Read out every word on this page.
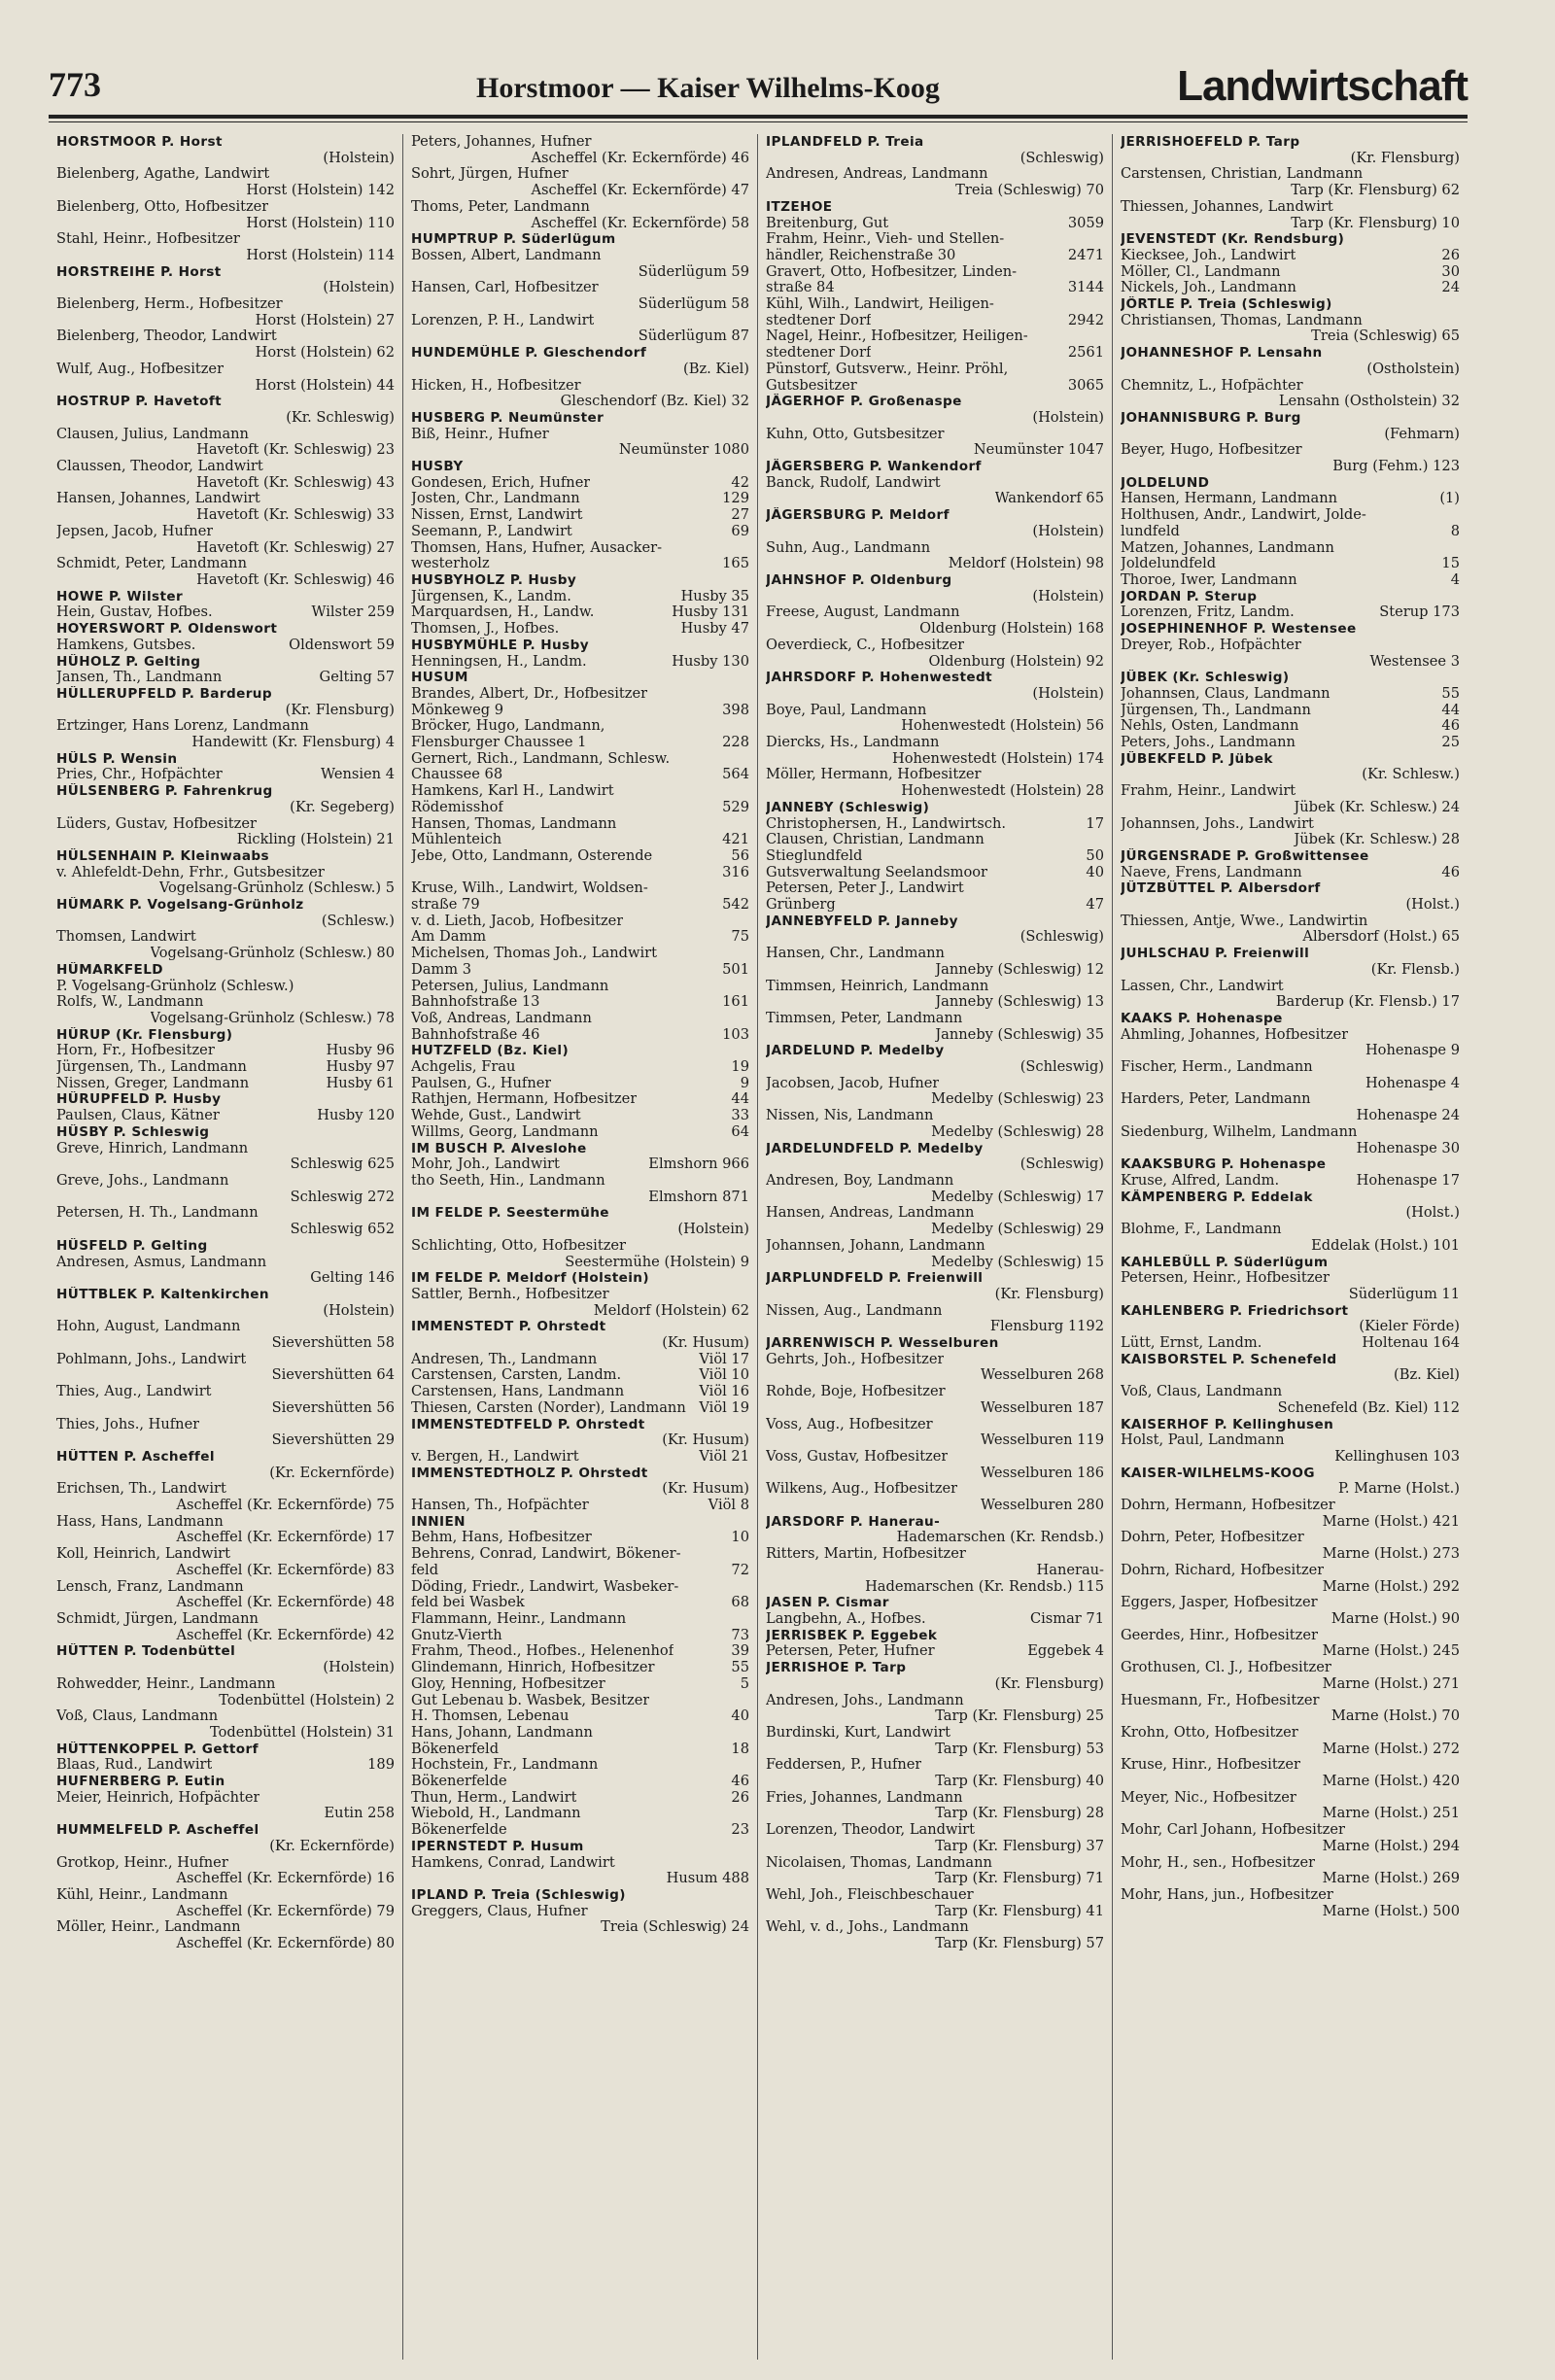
773	Horstmoor — Kaiser Wilhelms-Koog	Landwirtschaft
HORSTMOOR P. Horst
(Holstein)
Bielenberg, Agathe, Landwirt
Horst (Holstein) 142
Bielenberg, Otto, Hofbesitzer
Horst (Holstein) 110
Stahl, Heinr., Hofbesitzer
Horst (Holstein) 114
HORSTREIHE P. Horst
(Holstein)
Bielenberg, Herm., Hofbesitzer
Horst (Holstein) 27
Bielenberg, Theodor, Landwirt
Horst (Holstein) 62
Wulf, Aug., Hofbesitzer
Horst (Holstein) 44
HOSTRUP P. Havetoft
(Kr. Schleswig)
Clausen, Julius, Landmann
Havetoft (Kr. Schleswig) 23
Claussen, Theodor, Landwirt
Havetoft (Kr. Schleswig) 43
Hansen, Johannes, Landwirt
Havetoft (Kr. Schleswig) 33
Jepsen, Jacob, Hufner
Havetoft (Kr. Schleswig) 27
Schmidt, Peter, Landmann
Havetoft (Kr. Schleswig) 46
HOWE P. Wilster
Hein, Gustav, Hofbes.	Wilster 259
HOYERSWORT P. Oldenswort
Hamkens, Gutsbes.	Oldenswort 59
HÜHOLZ P. Gelting
Jansen, Th., Landmann	Gelting 57
HÜLLERUPFELD P. Barderup
(Kr. Flensburg)
Ertzinger, Hans Lorenz, Landmann
Handewitt (Kr. Flensburg) 4
HÜLS P. Wensin
Pries, Chr., Hofpächter	Wensien 4
HÜLSENBERG P. Fahrenkrug
(Kr. Segeberg)
Lüders, Gustav, Hofbesitzer
Rickling (Holstein) 21
HÜLSENHAIN P. Kleinwaabs
v. Ahlefeldt-Dehn, Frhr., Gutsbesitzer
Vogelsang-Grünholz (Schlesw.) 5
HÜMARK P. Vogelsang-Grünholz
(Schlesw.)
Thomsen, Landwirt
Vogelsang-Grünholz (Schlesw.) 80
HÜMARKFELD
P. Vogelsang-Grünholz (Schlesw.)
Rolfs, W., Landmann
Vogelsang-Grünholz (Schlesw.) 78
HÜRUP (Kr. Flensburg)
Horn, Fr., Hofbesitzer	Husby 96
Jürgensen, Th., Landmann	Husby 97
Nissen, Greger, Landmann	Husby 61
HÜRUPFELD P. Husby
Paulsen, Claus, Kätner	Husby 120
HÜSBY P. Schleswig
Greve, Hinrich, Landmann
Schleswig 625
Greve, Johs., Landmann
Schleswig 272
Petersen, H. Th., Landmann
Schleswig 652
HÜSFELD P. Gelting
Andresen, Asmus, Landmann
Gelting 146
HÜTTBLEK P. Kaltenkirchen
(Holstein)
Hohn, August, Landmann
Sievershütten 58
Pohlmann, Johs., Landwirt
Sievershütten 64
Thies, Aug., Landwirt
Sievershütten 56
Thies, Johs., Hufner
Sievershütten 29
HÜTTEN P. Ascheffel
(Kr. Eckernförde)
Erichsen, Th., Landwirt
Ascheffel (Kr. Eckernförde) 75
Hass, Hans, Landmann
Ascheffel (Kr. Eckernförde) 17
Koll, Heinrich, Landwirt
Ascheffel (Kr. Eckernförde) 83
Lensch, Franz, Landmann
Ascheffel (Kr. Eckernförde) 48
Schmidt, Jürgen, Landmann
Ascheffel (Kr. Eckernförde) 42
HÜTTEN P. Todenbüttel
(Holstein)
Rohwedder, Heinr., Landmann
Todenbüttel (Holstein) 2
Voß, Claus, Landmann
Todenbüttel (Holstein) 31
HÜTTENKOPPEL P. Gettorf
Blaas, Rud., Landwirt	189
HUFNERBERG P. Eutin
Meier, Heinrich, Hofpächter
Eutin 258
HUMMELFELD P. Ascheffel
(Kr. Eckernförde)
Grotkop, Heinr., Hufner
Ascheffel (Kr. Eckernförde) 16
Kühl, Heinr., Landmann
Ascheffel (Kr. Eckernförde) 79
Möller, Heinr., Landmann
Ascheffel (Kr. Eckernförde) 80
Peters, Johannes, Hufner
Ascheffel (Kr. Eckernförde) 46
Sohrt, Jürgen, Hufner
Ascheffel (Kr. Eckernförde) 47
Thoms, Peter, Landmann
Ascheffel (Kr. Eckernförde) 58
HUMPTRUP P. Süderlügum
Bossen, Albert, Landmann
Süderlügum 59
Hansen, Carl, Hofbesitzer
Süderlügum 58
Lorenzen, P. H., Landwirt
Süderlügum 87
HUNDEMÜHLE P. Gleschendorf
(Bz. Kiel)
Hicken, H., Hofbesitzer
Gleschendorf (Bz. Kiel) 32
HUSBERG P. Neumünster
Biß, Heinr., Hufner
Neumünster 1080
HUSBY
Gondesen, Erich, Hufner	42
Josten, Chr., Landmann	129
Nissen, Ernst, Landwirt	27
Seemann, P., Landwirt	69
Thomsen, Hans, Hufner, Ausacker-
westerholz	165
HUSBYHOLZ P. Husby
Jürgensen, K., Landm.	Husby 35
Marquardsen, H., Landw.	Husby 131
Thomsen, J., Hofbes.	Husby 47
HUSBYMÜHLE P. Husby
Henningsen, H., Landm.	Husby 130
HUSUM
Brandes, Albert, Dr., Hofbesitzer
Mönkeweg 9	398
Bröcker, Hugo, Landmann,
Flensburger Chaussee 1	228
Gernert, Rich., Landmann, Schlesw.
Chaussee 68	564
Hamkens, Karl H., Landwirt
Rödemisshof	529
Hansen, Thomas, Landmann
Mühlenteich	421
Jebe, Otto, Landmann, Osterende	56
316
Kruse, Wilh., Landwirt, Woldsen-
straße 79	542
v. d. Lieth, Jacob, Hofbesitzer
Am Damm	75
Michelsen, Thomas Joh., Landwirt
Damm 3	501
Petersen, Julius, Landmann
Bahnhofstraße 13	161
Voß, Andreas, Landmann
Bahnhofstraße 46	103
HUTZFELD (Bz. Kiel)
Achgelis, Frau	19
Paulsen, G., Hufner	9
Rathjen, Hermann, Hofbesitzer	44
Wehde, Gust., Landwirt	33
Willms, Georg, Landmann	64
IM BUSCH P. Alveslohe
Mohr, Joh., Landwirt	Elmshorn 966
tho Seeth, Hin., Landmann
Elmshorn 871
IM FELDE P. Seestermühe
(Holstein)
Schlichting, Otto, Hofbesitzer
Seestermühe (Holstein) 9
IM FELDE P. Meldorf (Holstein)
Sattler, Bernh., Hofbesitzer
Meldorf (Holstein) 62
IMMENSTEDT P. Ohrstedt
(Kr. Husum)
Andresen, Th., Landmann	Viöl 17
Carstensen, Carsten, Landm.	Viöl 10
Carstensen, Hans, Landmann	Viöl 16
Thiesen, Carsten (Norder), Landmann Viöl 19
IMMENSTEDTFELD P. Ohrstedt
(Kr. Husum)
v. Bergen, H., Landwirt	Viöl 21
IMMENSTEDTHOLZ P. Ohrstedt
(Kr. Husum)
Hansen, Th., Hofpächter	Viöl 8
INNIEN
Behm, Hans, Hofbesitzer	10
Behrens, Conrad, Landwirt, Bökener-
feld	72
Döding, Friedr., Landwirt, Wasbeker-
feld bei Wasbek	68
Flammann, Heinr., Landmann
Gnutz-Vierth	73
Frahm, Theod., Hofbes., Helenenhof	39
Glindemann, Hinrich, Hofbesitzer	55
Gloy, Henning, Hofbesitzer	5
Gut Lebenau b. Wasbek, Besitzer
H. Thomsen, Lebenau	40
Hans, Johann, Landmann
Bökenerfeld	18
Hochstein, Fr., Landmann
Bökenerfelde	46
Thun, Herm., Landwirt	26
Wiebold, H., Landmann
Bökenerfelde	23
IPERNSTEDT P. Husum
Hamkens, Conrad, Landwirt
Husum 488
IPLAND P. Treia (Schleswig)
Greggers, Claus, Hufner
Treia (Schleswig) 24
IPLANDFELD P. Treia
(Schleswig)
Andresen, Andreas, Landmann
Treia (Schleswig) 70
ITZEHOE
Breitenburg, Gut	3059
Frahm, Heinr., Vieh- und Stellen-
händler, Reichenstraße 30	2471
Gravert, Otto, Hofbesitzer, Linden-
straße 84	3144
Kühl, Wilh., Landwirt, Heiligen-
stedtener Dorf	2942
Nagel, Heinr., Hofbesitzer, Heiligen-
stedtener Dorf	2561
Pünstorf, Gutsverw., Heinr. Pröhl,
Gutsbesitzer	3065
JÄGERHOF P. Großenaspe
(Holstein)
Kuhn, Otto, Gutsbesitzer
Neumünster 1047
JÄGERSBERG P. Wankendorf
Banck, Rudolf, Landwirt
Wankendorf 65
JÄGERSBURG P. Meldorf
(Holstein)
Suhn, Aug., Landmann
Meldorf (Holstein) 98
JAHNSHOF P. Oldenburg
(Holstein)
Freese, August, Landmann
Oldenburg (Holstein) 168
Oeverdieck, C., Hofbesitzer
Oldenburg (Holstein) 92
JAHRSDORF P. Hohenwestedt
(Holstein)
Boye, Paul, Landmann
Hohenwestedt (Holstein) 56
Diercks, Hs., Landmann
Hohenwestedt (Holstein) 174
Möller, Hermann, Hofbesitzer
Hohenwestedt (Holstein) 28
JANNEBY (Schleswig)
Christophersen, H., Landwirtsch.	17
Clausen, Christian, Landmann
Stieglundfeld	50
Gutsverwaltung Seelandsmoor	40
Petersen, Peter J., Landwirt
Grünberg	47
JANNEBYFELD P. Janneby
(Schleswig)
Hansen, Chr., Landmann
Janneby (Schleswig) 12
Timmsen, Heinrich, Landmann
Janneby (Schleswig) 13
Timmsen, Peter, Landmann
Janneby (Schleswig) 35
JARDELUND P. Medelby
(Schleswig)
Jacobsen, Jacob, Hufner
Medelby (Schleswig) 23
Nissen, Nis, Landmann
Medelby (Schleswig) 28
JARDELUNDFELD P. Medelby
(Schleswig)
Andresen, Boy, Landmann
Medelby (Schleswig) 17
Hansen, Andreas, Landmann
Medelby (Schleswig) 29
Johannsen, Johann, Landmann
Medelby (Schleswig) 15
JARPLUNDFELD P. Freienwill
(Kr. Flensburg)
Nissen, Aug., Landmann
Flensburg 1192
JARRENWISCH P. Wesselburen
Gehrts, Joh., Hofbesitzer
Wesselburen 268
Rohde, Boje, Hofbesitzer
Wesselburen 187
Voss, Aug., Hofbesitzer
Wesselburen 119
Voss, Gustav, Hofbesitzer
Wesselburen 186
Wilkens, Aug., Hofbesitzer
Wesselburen 280
JARSDORF P. Hanerau-
Hademarschen (Kr. Rendsb.)
Ritters, Martin, Hofbesitzer
Hanerau-
Hademarschen (Kr. Rendsb.) 115
JASEN P. Cismar
Langbehn, A., Hofbes.	Cismar 71
JERRISBEK P. Eggebek
Petersen, Peter, Hufner	Eggebek 4
JERRISHOE P. Tarp
(Kr. Flensburg)
Andresen, Johs., Landmann
Tarp (Kr. Flensburg) 25
Burdinski, Kurt, Landwirt
Tarp (Kr. Flensburg) 53
Feddersen, P., Hufner
Tarp (Kr. Flensburg) 40
Fries, Johannes, Landmann
Tarp (Kr. Flensburg) 28
Lorenzen, Theodor, Landwirt
Tarp (Kr. Flensburg) 37
Nicolaisen, Thomas, Landmann
Tarp (Kr. Flensburg) 71
Wehl, Joh., Fleischbeschauer
Tarp (Kr. Flensburg) 41
Wehl, v. d., Johs., Landmann
Tarp (Kr. Flensburg) 57
JERRISHOEFELD P. Tarp
(Kr. Flensburg)
Carstensen, Christian, Landmann
Tarp (Kr. Flensburg) 62
Thiessen, Johannes, Landwirt
Tarp (Kr. Flensburg) 10
JEVENSTEDT (Kr. Rendsburg)
Kiecksee, Joh., Landwirt	26
Möller, Cl., Landmann	30
Nickels, Joh., Landmann	24
JÖRTLE P. Treia (Schleswig)
Christiansen, Thomas, Landmann
Treia (Schleswig) 65
JOHANNESHOF P. Lensahn
(Ostholstein)
Chemnitz, L., Hofpächter
Lensahn (Ostholstein) 32
JOHANNISBURG P. Burg
(Fehmarn)
Beyer, Hugo, Hofbesitzer
Burg (Fehm.) 123
JOLDELUND
Hansen, Hermann, Landmann	(1)
Holthusen, Andr., Landwirt, Jolde-
lundfeld	8
Matzen, Johannes, Landmann
Joldelundfeld	15
Thoroe, Iwer, Landmann	4
JORDAN P. Sterup
Lorenzen, Fritz, Landm.	Sterup 173
JOSEPHINENHOF P. Westensee
Dreyer, Rob., Hofpächter
Westensee 3
JÜBEK (Kr. Schleswig)
Johannsen, Claus, Landmann	55
Jürgensen, Th., Landmann	44
Nehls, Osten, Landmann	46
Peters, Johs., Landmann	25
JÜBEKFELD P. Jübek
(Kr. Schlesw.)
Frahm, Heinr., Landwirt
Jübek (Kr. Schlesw.) 24
Johannsen, Johs., Landwirt
Jübek (Kr. Schlesw.) 28
JÜRGENSRADE P. Großwittensee
Naeve, Frens, Landmann	46
JÜTZBÜTTEL P. Albersdorf
(Holst.)
Thiessen, Antje, Wwe., Landwirtin
Albersdorf (Holst.) 65
JUHLSCHAU P. Freienwill
(Kr. Flensb.)
Lassen, Chr., Landwirt
Barderup (Kr. Flensb.) 17
KAAKS P. Hohenaspe
Ahmling, Johannes, Hofbesitzer
Hohenaspe 9
Fischer, Herm., Landmann
Hohenaspe 4
Harders, Peter, Landmann
Hohenaspe 24
Siedenburg, Wilhelm, Landmann
Hohenaspe 30
KAAKSBURG P. Hohenaspe
Kruse, Alfred, Landm.	Hohenaspe 17
KÄMPENBERG P. Eddelak
(Holst.)
Blohme, F., Landmann
Eddelak (Holst.) 101
KAHLEBÜLL P. Süderlügum
Petersen, Heinr., Hofbesitzer
Süderlügum 11
KAHLENBERG P. Friedrichsort
(Kieler Förde)
Lütt, Ernst, Landm.	Holtenau 164
KAISBORSTEL P. Schenefeld
(Bz. Kiel)
Voß, Claus, Landmann
Schenefeld (Bz. Kiel) 112
KAISERHOF P. Kellinghusen
Holst, Paul, Landmann
Kellinghusen 103
KAISER-WILHELMS-KOOG
P. Marne (Holst.)
Dohrn, Hermann, Hofbesitzer
Marne (Holst.) 421
Dohrn, Peter, Hofbesitzer
Marne (Holst.) 273
Dohrn, Richard, Hofbesitzer
Marne (Holst.) 292
Eggers, Jasper, Hofbesitzer
Marne (Holst.) 90
Geerdes, Hinr., Hofbesitzer
Marne (Holst.) 245
Grothusen, Cl. J., Hofbesitzer
Marne (Holst.) 271
Huesmann, Fr., Hofbesitzer
Marne (Holst.) 70
Krohn, Otto, Hofbesitzer
Marne (Holst.) 272
Kruse, Hinr., Hofbesitzer
Marne (Holst.) 420
Meyer, Nic., Hofbesitzer
Marne (Holst.) 251
Mohr, Carl Johann, Hofbesitzer
Marne (Holst.) 294
Mohr, H., sen., Hofbesitzer
Marne (Holst.) 269
Mohr, Hans, jun., Hofbesitzer
Marne (Holst.) 500
